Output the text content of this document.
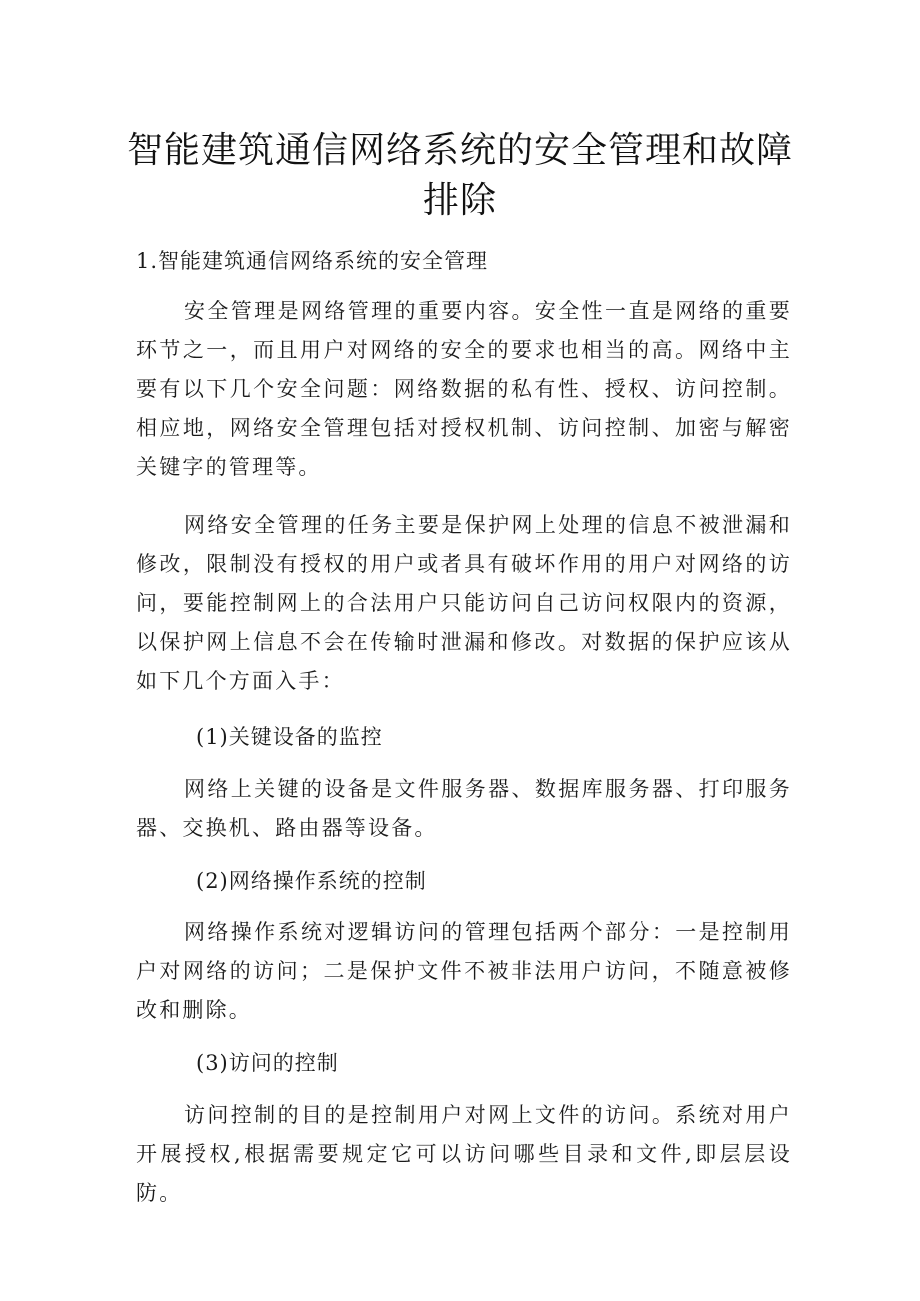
智能建筑通信网络系统的安全管理和故障
排除
1.智能建筑通信网络系统的安全管理

安全管理是网络管理的重要内容。安全性一直是网络的重要环节之一，而且用户对网络的安全的要求也相当的高。网络中主要有以下几个安全问题：网络数据的私有性、授权、访问控制。相应地，网络安全管理包括对授权机制、访问控制、加密与解密关键字的管理等。

网络安全管理的任务主要是保护网上处理的信息不被泄漏和修改，限制没有授权的用户或者具有破坏作用的用户对网络的访问，要能控制网上的合法用户只能访问自己访问权限内的资源，以保护网上信息不会在传输时泄漏和修改。对数据的保护应该从如下几个方面入手：

(1)关键设备的监控

网络上关键的设备是文件服务器、数据库服务器、打印服务器、交换机、路由器等设备。

(2)网络操作系统的控制

网络操作系统对逻辑访问的管理包括两个部分：一是控制用户对网络的访问；二是保护文件不被非法用户访问，不随意被修改和删除。

(3)访问的控制

访问控制的目的是控制用户对网上文件的访问。系统对用户开展授权,根据需要规定它可以访问哪些目录和文件,即层层设防。
